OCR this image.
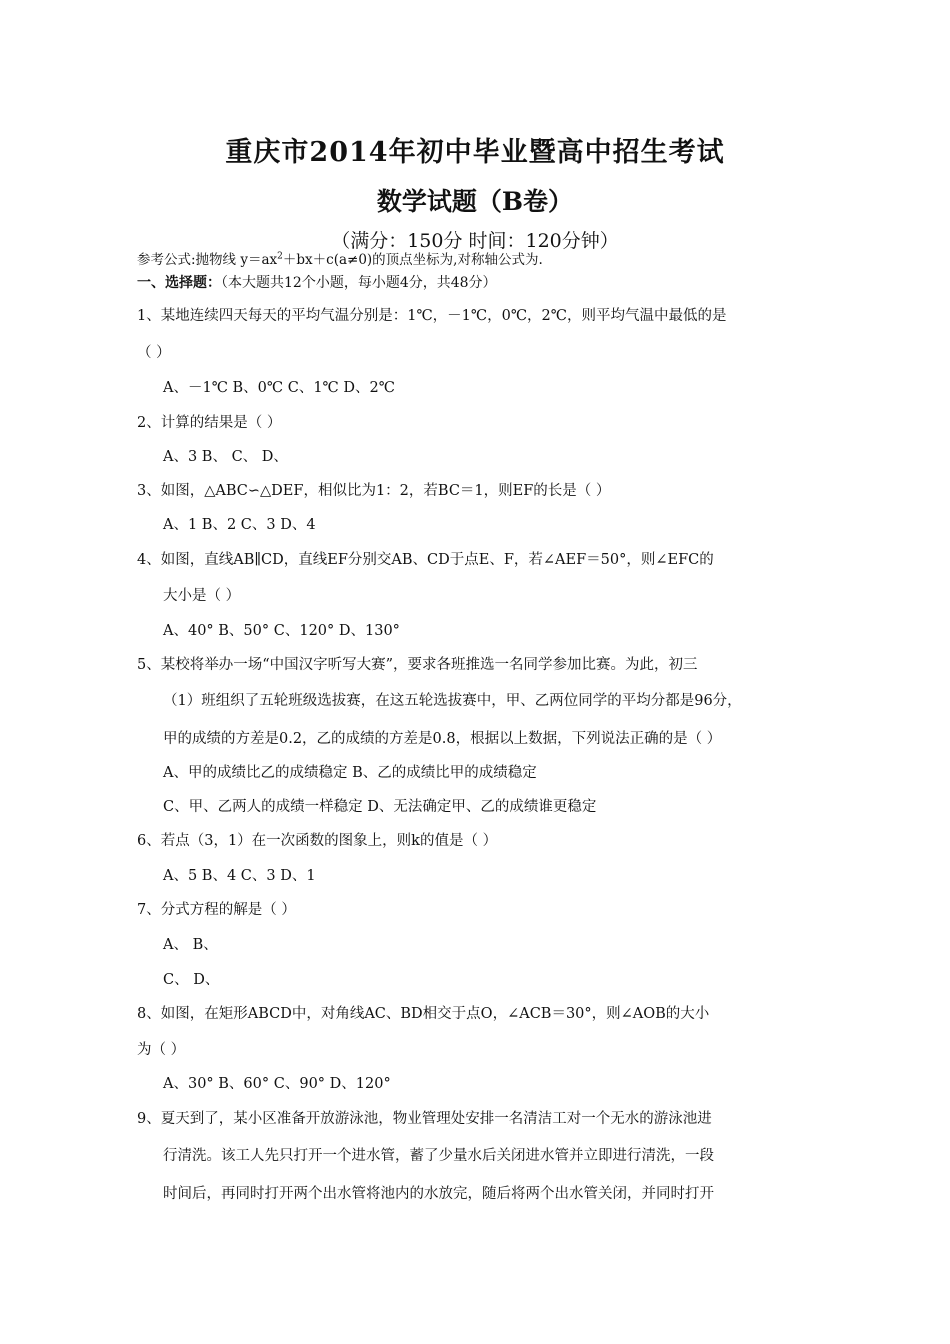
重庆市2014年初中毕业暨高中招生考试
数学试题（B卷）
（满分：150分 时间：120分钟）
参考公式:抛物线 $y=ax^2+bx+c(a\ne 0)$的顶点坐标为,对称轴公式为.
一、选择题：（本大题共12个小题，每小题4分，共48分）
1、某地连续四天每天的平均气温分别是：1℃，－1℃，0℃，2℃，则平均气温中最低的是
（ ）
A、－1℃ B、0℃ C、1℃ D、2℃
2、计算的结果是（ ）
A、3 B、 C、 D、
3、如图，△ABC∽△DEF，相似比为1：2，若BC＝1，则EF的长是（ ）
A、1 B、2 C、3 D、4
4、如图，直线AB∥CD，直线EF分别交AB、CD于点E、F，若∠AEF＝50°，则∠EFC的
大小是（ ）
A、40° B、50° C、120° D、130°
5、某校将举办一场“中国汉字听写大赛”，要求各班推选一名同学参加比赛。为此，初三
（1）班组织了五轮班级选拔赛，在这五轮选拔赛中，甲、乙两位同学的平均分都是96分，
甲的成绩的方差是0.2，乙的成绩的方差是0.8，根据以上数据，下列说法正确的是（ ）
A、甲的成绩比乙的成绩稳定 B、乙的成绩比甲的成绩稳定
C、甲、乙两人的成绩一样稳定 D、无法确定甲、乙的成绩谁更稳定
6、若点（3，1）在一次函数的图象上，则k的值是（ ）
A、5 B、4 C、3 D、1
7、分式方程的解是（ ）
A、 B、
C、 D、
8、如图，在矩形ABCD中，对角线AC、BD相交于点O，∠ACB＝30°，则∠AOB的大小
为（ ）
A、30° B、60° C、90° D、120°
9、夏天到了，某小区准备开放游泳池，物业管理处安排一名清洁工对一个无水的游泳池进
行清洗。该工人先只打开一个进水管，蓄了少量水后关闭进水管并立即进行清洗，一段
时间后，再同时打开两个出水管将池内的水放完，随后将两个出水管关闭，并同时打开
